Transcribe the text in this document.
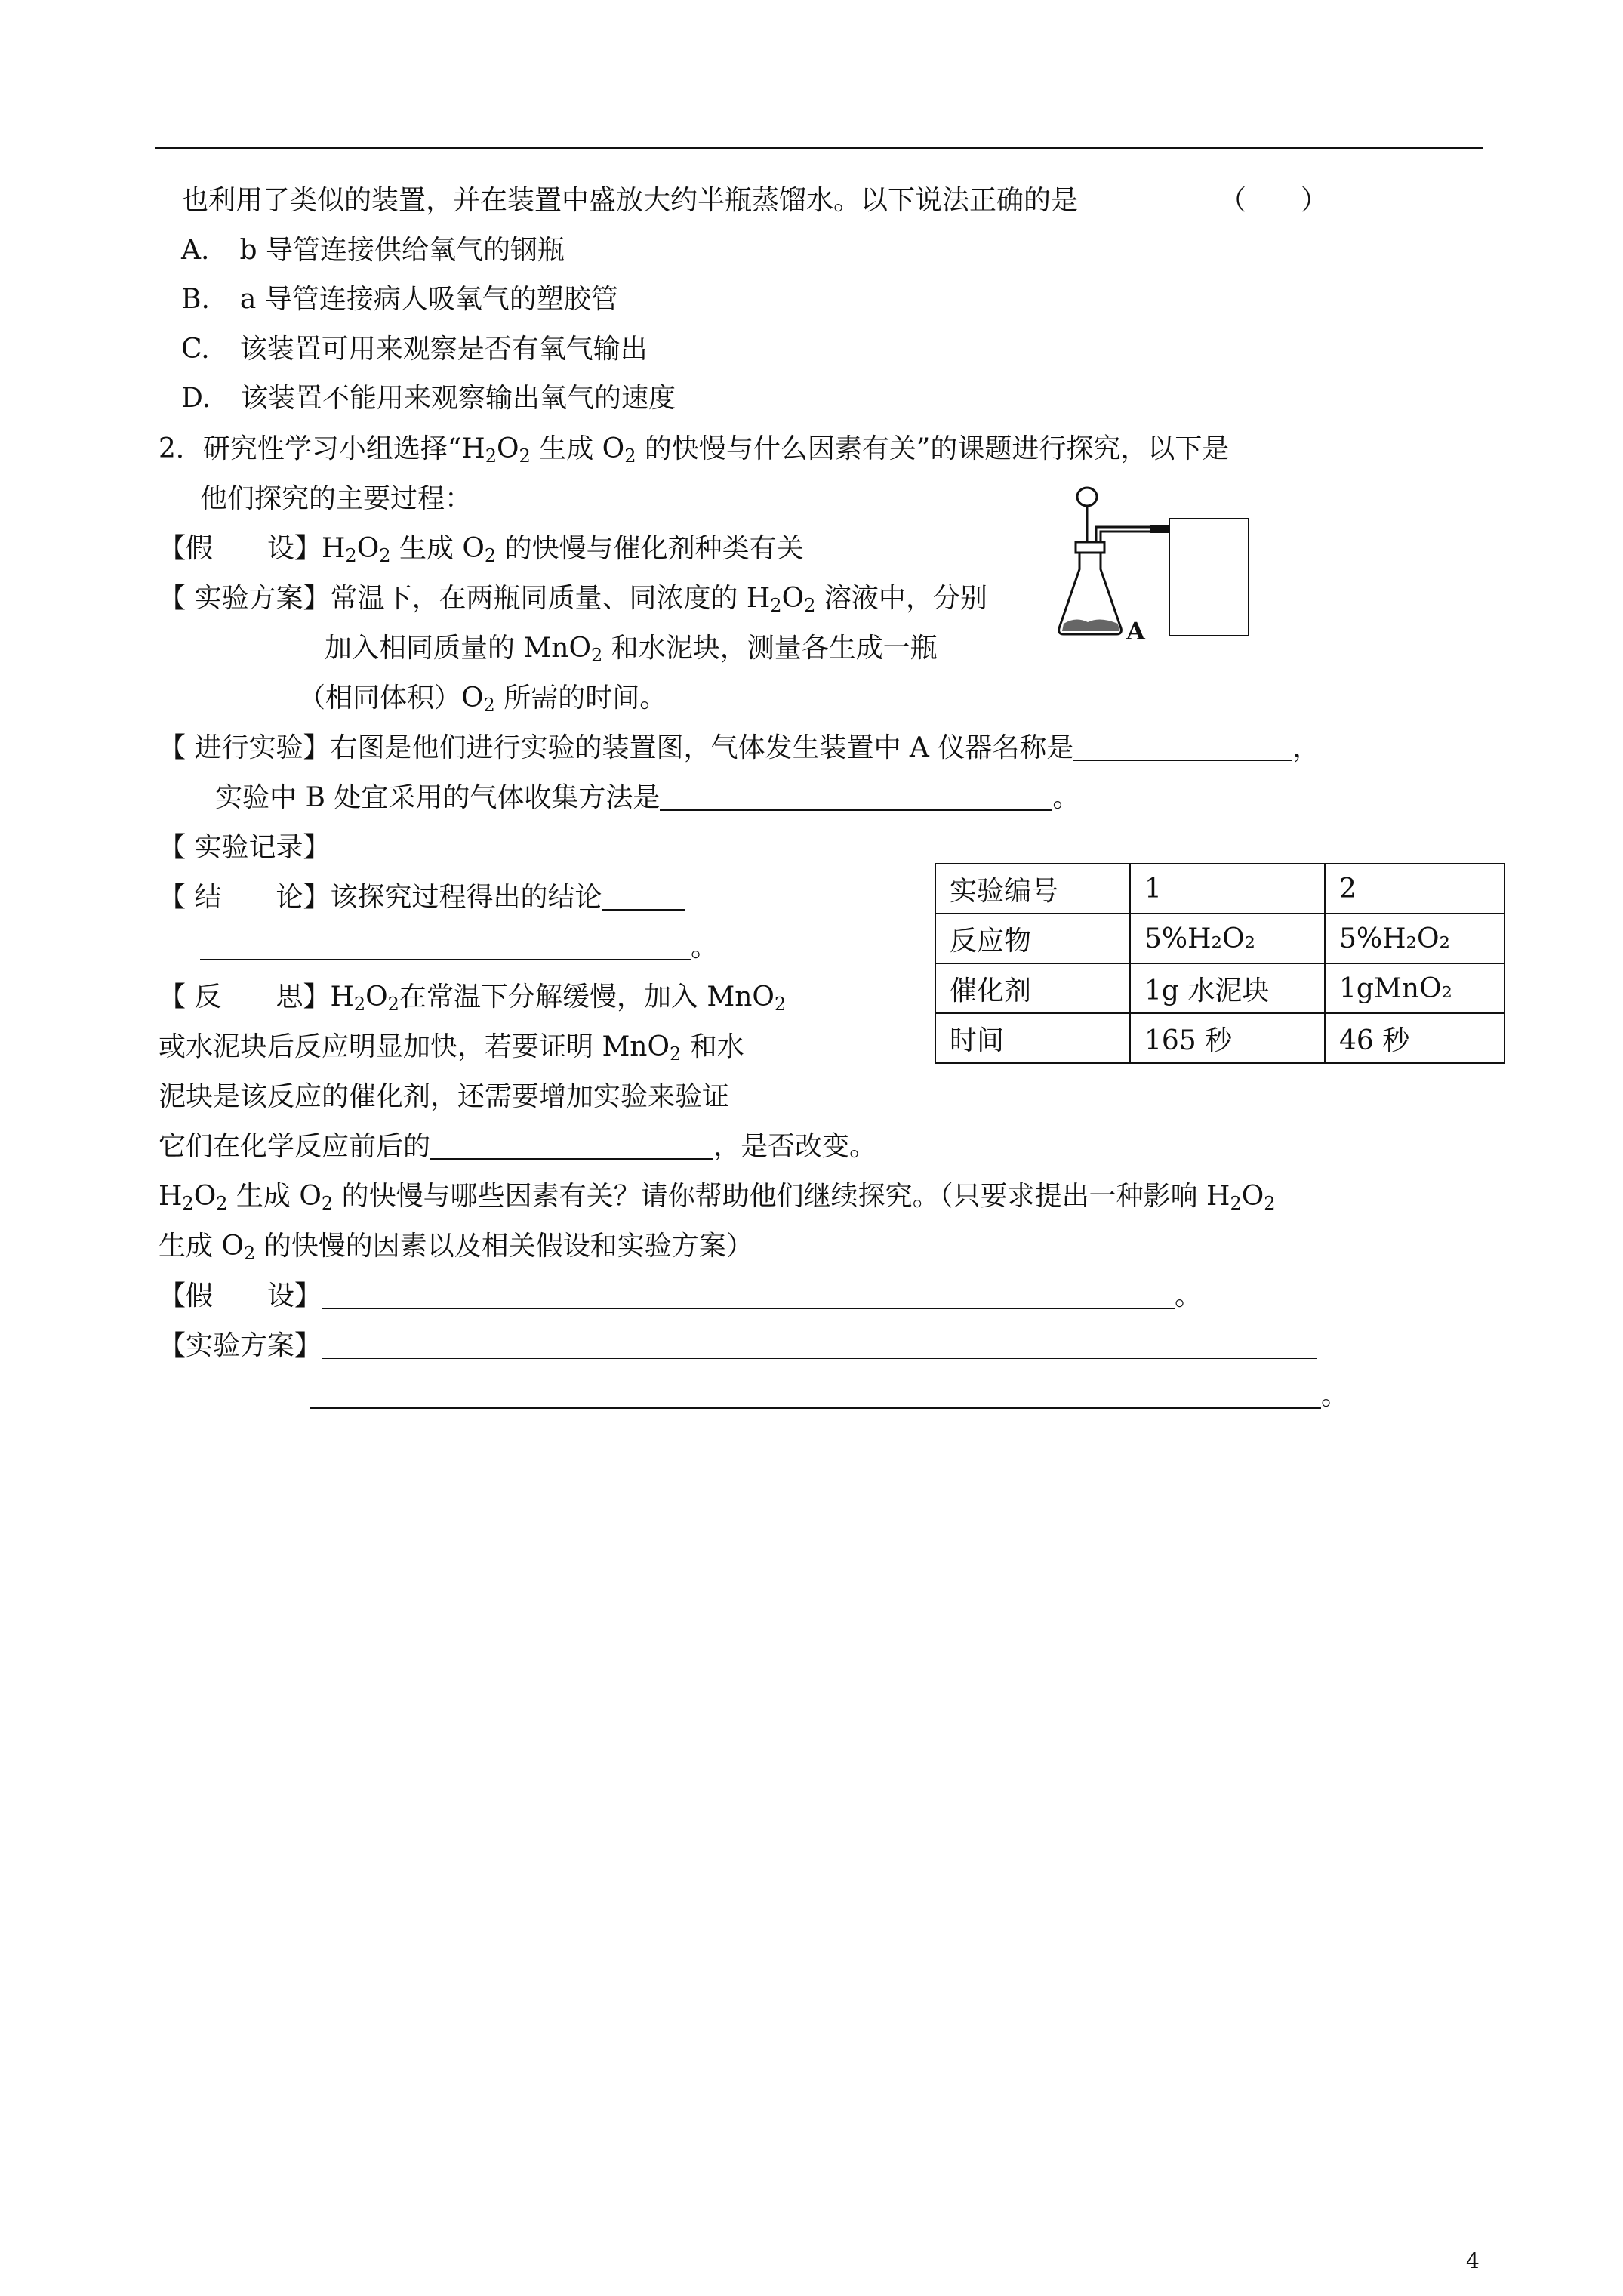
也利用了类似的装置，并在装置中盛放大约半瓶蒸馏水。以下说法正确的是	（　　）
A. b 导管连接供给氧气的钢瓶
B. a 导管连接病人吸氧气的塑胶管
C. 该装置可用来观察是否有氧气输出
D. 该装置不能用来观察输出氧气的速度
2．研究性学习小组选择“$H_2O_2$ 生成 $O_2$ 的快慢与什么因素有关”的课题进行探究，以下是
他们探究的主要过程：
【假　　设】$H_2O_2$ 生成 $O_2$ 的快慢与催化剂种类有关
【 实验方案】常温下，在两瓶同质量、同浓度的 $H_2O_2$ 溶液中，分别
加入相同质量的 MnO$_2$ 和水泥块，测量各生成一瓶
（相同体积）$O_2$ 所需的时间。
A
【 进行实验】右图是他们进行实验的装置图，气体发生装置中 A 仪器名称是	，
实验中 B 处宜采用的气体收集方法是	。
【 实验记录】
【 结　　论】该探究过程得出的结论
。
【 反　　思】$H_2O_2$在常温下分解缓慢，加入 MnO$_2$
或水泥块后反应明显加快，若要证明 MnO$_2$ 和水
泥块是该反应的催化剂，还需要增加实验来验证
它们在化学反应前后的	，是否改变。
$H_2O_2$ 生成 $O_2$ 的快慢与哪些因素有关？请你帮助他们继续探究。（只要求提出一种影响 $H_2O_2$
生成 $O_2$ 的快慢的因素以及相关假设和实验方案）
【假　　设】	。
【实验方案】
。
实验编号	1	2
反应物	5%H₂O₂	5%H₂O₂
催化剂	1g 水泥块	1gMnO₂
时间	165 秒	46 秒
4
